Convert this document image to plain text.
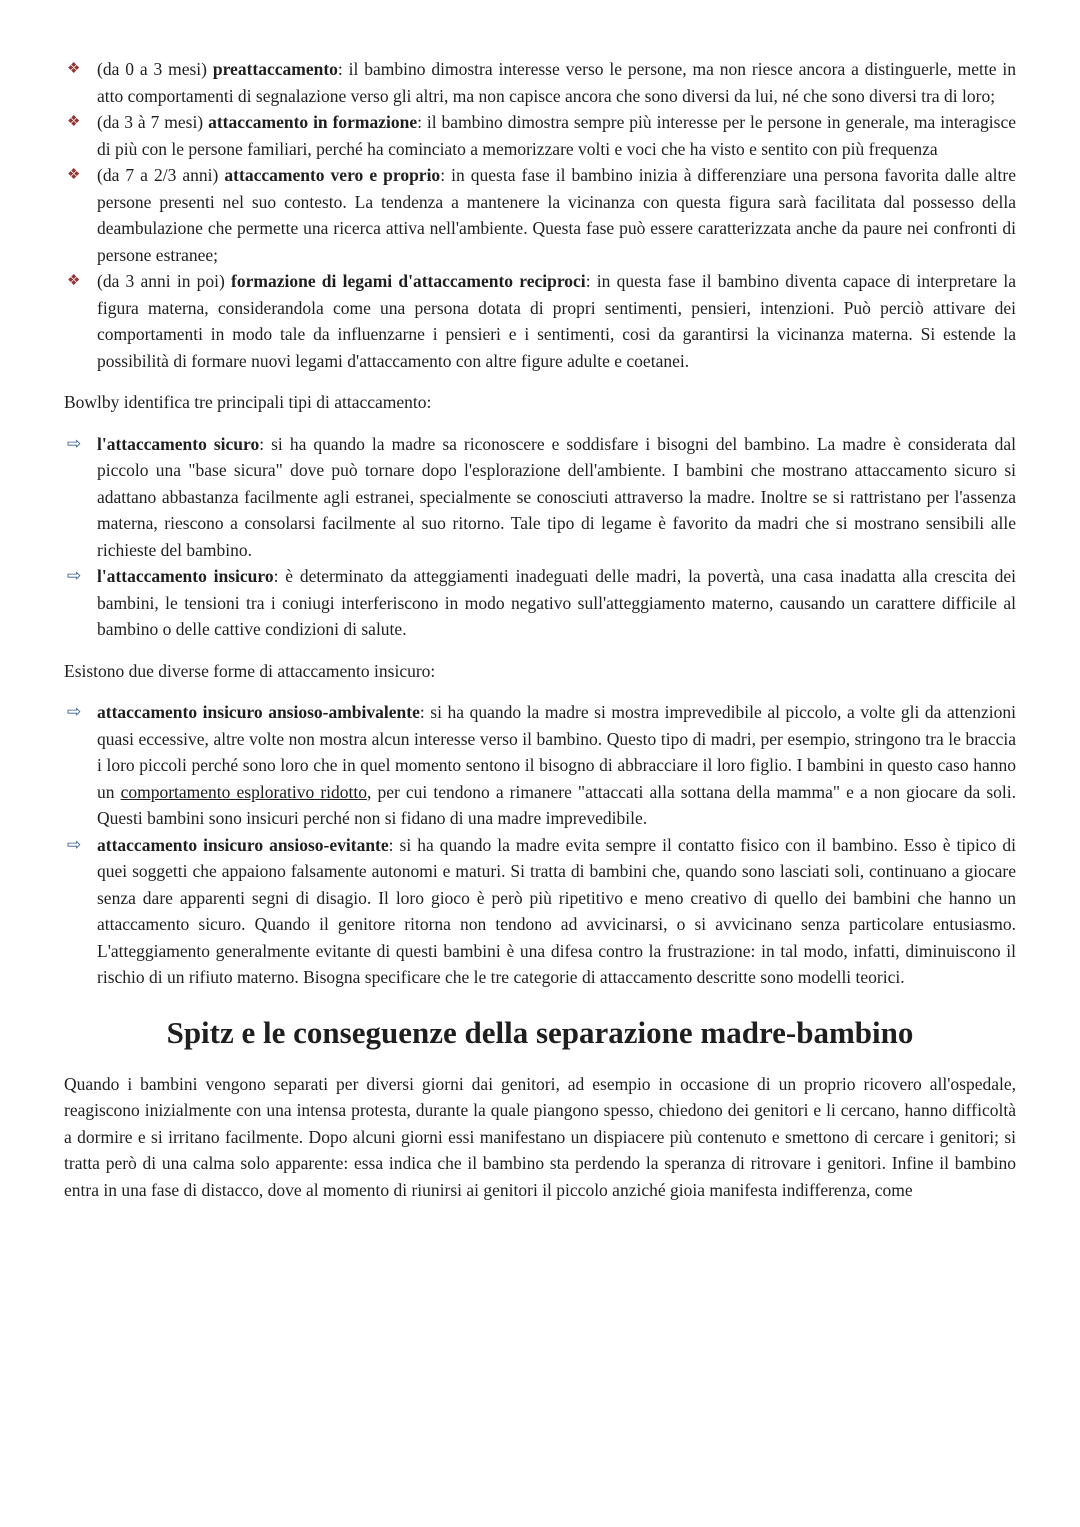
❖ (da 0 a 3 mesi) preattaccamento: il bambino dimostra interesse verso le persone, ma non riesce ancora a distinguerle, mette in atto comportamenti di segnalazione verso gli altri, ma non capisce ancora che sono diversi da lui, né che sono diversi tra di loro;
❖ (da 3 à 7 mesi) attaccamento in formazione: il bambino dimostra sempre più interesse per le persone in generale, ma interagisce di più con le persone familiari, perché ha cominciato a memorizzare volti e voci che ha visto e sentito con più frequenza
❖ (da 7 a 2/3 anni) attaccamento vero e proprio: in questa fase il bambino inizia à differenziare una persona favorita dalle altre persone presenti nel suo contesto. La tendenza a mantenere la vicinanza con questa figura sarà facilitata dal possesso della deambulazione che permette una ricerca attiva nell'ambiente. Questa fase può essere caratterizzata anche da paure nei confronti di persone estranee;
❖ (da 3 anni in poi) formazione di legami d'attaccamento reciproci: in questa fase il bambino diventa capace di interpretare la figura materna, considerandola come una persona dotata di propri sentimenti, pensieri, intenzioni. Può perciò attivare dei comportamenti in modo tale da influenzarne i pensieri e i sentimenti, cosi da garantirsi la vicinanza materna. Si estende la possibilità di formare nuovi legami d'attaccamento con altre figure adulte e coetanei.

Bowlby identifica tre principali tipi di attaccamento:

⇨ l'attaccamento sicuro: si ha quando la madre sa riconoscere e soddisfare i bisogni del bambino. La madre è considerata dal piccolo una "base sicura" dove può tornare dopo l'esplorazione dell'ambiente. I bambini che mostrano attaccamento sicuro si adattano abbastanza facilmente agli estranei, specialmente se conosciuti attraverso la madre. Inoltre se si rattristano per l'assenza materna, riescono a consolarsi facilmente al suo ritorno. Tale tipo di legame è favorito da madri che si mostrano sensibili alle richieste del bambino.
⇨ l'attaccamento insicuro: è determinato da atteggiamenti inadeguati delle madri, la povertà, una casa inadatta alla crescita dei bambini, le tensioni tra i coniugi interferiscono in modo negativo sull'atteggiamento materno, causando un carattere difficile al bambino o delle cattive condizioni di salute.

Esistono due diverse forme di attaccamento insicuro:

⇨ attaccamento insicuro ansioso-ambivalente: si ha quando la madre si mostra imprevedibile al piccolo, a volte gli da attenzioni quasi eccessive, altre volte non mostra alcun interesse verso il bambino. Questo tipo di madri, per esempio, stringono tra le braccia i loro piccoli perché sono loro che in quel momento sentono il bisogno di abbracciare il loro figlio. I bambini in questo caso hanno un comportamento esplorativo ridotto, per cui tendono a rimanere "attaccati alla sottana della mamma" e a non giocare da soli. Questi bambini sono insicuri perché non si fidano di una madre imprevedibile.
⇨ attaccamento insicuro ansioso-evitante: si ha quando la madre evita sempre il contatto fisico con il bambino. Esso è tipico di quei soggetti che appaiono falsamente autonomi e maturi. Si tratta di bambini che, quando sono lasciati soli, continuano a giocare senza dare apparenti segni di disagio. Il loro gioco è però più ripetitivo e meno creativo di quello dei bambini che hanno un attaccamento sicuro. Quando il genitore ritorna non tendono ad avvicinarsi, o si avvicinano senza particolare entusiasmo. L'atteggiamento generalmente evitante di questi bambini è una difesa contro la frustrazione: in tal modo, infatti, diminuiscono il rischio di un rifiuto materno. Bisogna specificare che le tre categorie di attaccamento descritte sono modelli teorici.
Spitz e le conseguenze della separazione madre-bambino

Quando i bambini vengono separati per diversi giorni dai genitori, ad esempio in occasione di un proprio ricovero all'ospedale, reagiscono inizialmente con una intensa protesta, durante la quale piangono spesso, chiedono dei genitori e li cercano, hanno difficoltà a dormire e si irritano facilmente. Dopo alcuni giorni essi manifestano un dispiacere più contenuto e smettono di cercare i genitori; si tratta però di una calma solo apparente: essa indica che il bambino sta perdendo la speranza di ritrovare i genitori. Infine il bambino entra in una fase di distacco, dove al momento di riunirsi ai genitori il piccolo anziché gioia manifesta indifferenza, come
